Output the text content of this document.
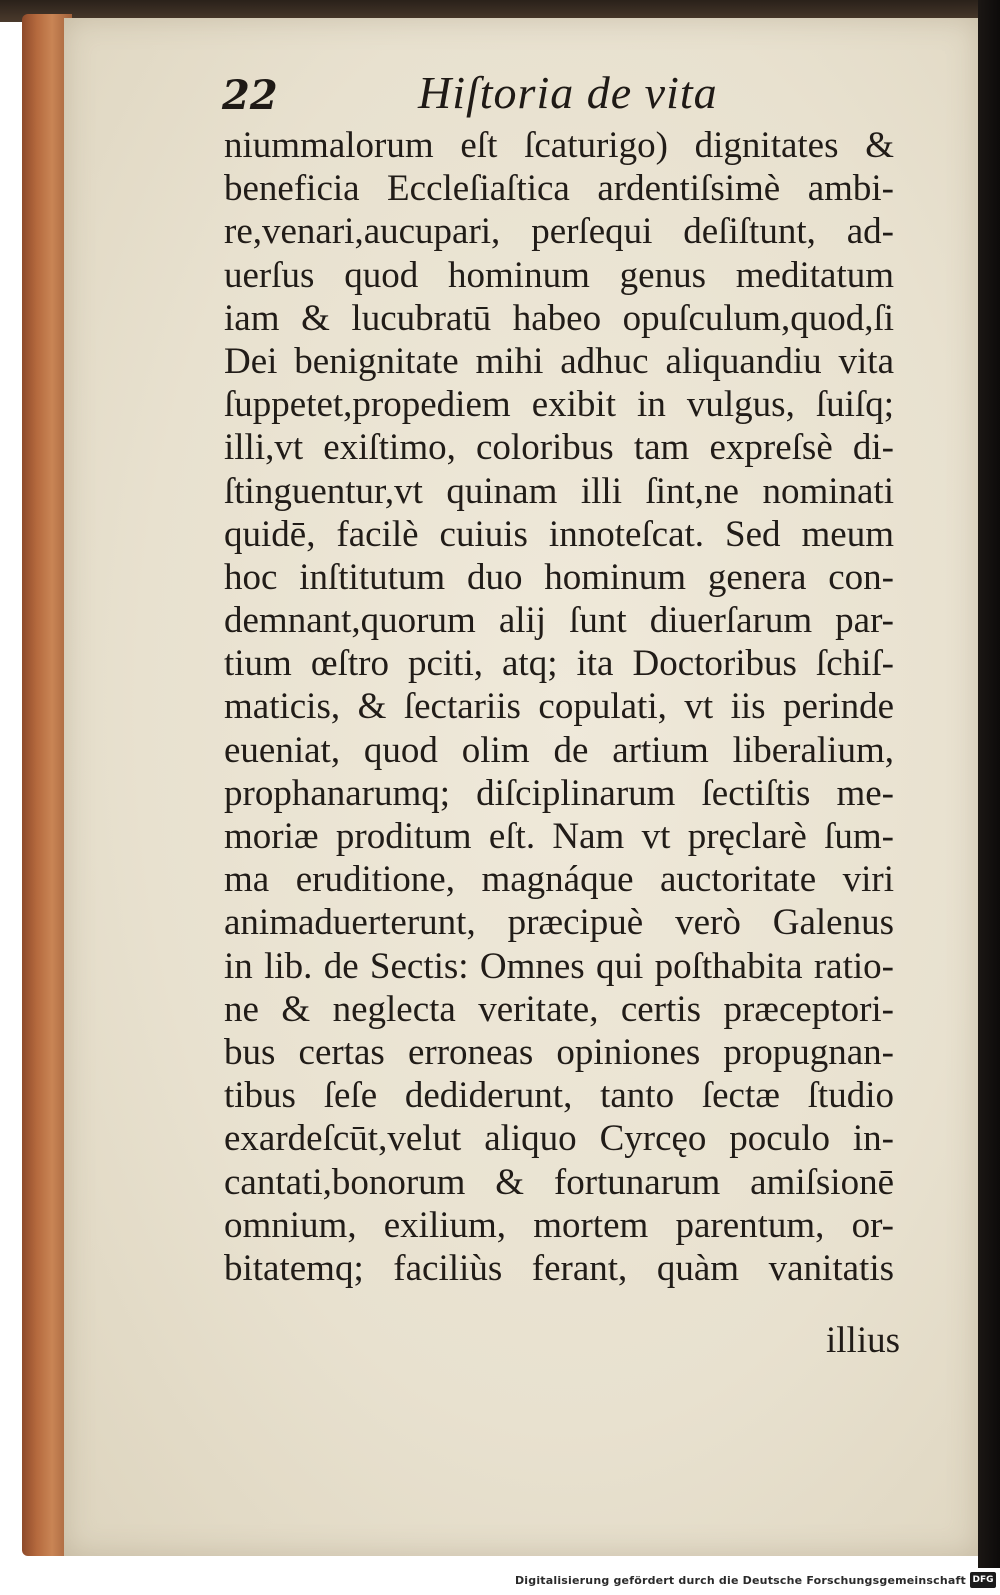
22	Hiſtoria de vita
niummalorum eſt ſcaturigo) dignitates &
beneficia Eccleſiaſtica ardentiſsimè ambi-
re,venari,aucupari, perſequi deſiſtunt, ad-
uerſus quod hominum genus meditatum
iam & lucubratū habeo opuſculum,quod,ſi
Dei benignitate mihi adhuc aliquandiu vita
ſuppetet,propediem exibit in vulgus, ſuiſq;
illi,vt exiſtimo, coloribus tam expreſsè di-
ſtinguentur,vt quinam illi ſint,ne nominati
quidē, facilè cuiuis innoteſcat. Sed meum
hoc inſtitutum duo hominum genera con-
demnant,quorum alij ſunt diuerſarum par-
tium œſtro pciti, atq; ita Doctoribus ſchiſ-
maticis, & ſectariis copulati, vt iis perinde
eueniat, quod olim de artium liberalium,
prophanarumq; diſciplinarum ſectiſtis me-
moriæ proditum eſt. Nam vt pręclarè ſum-
ma eruditione, magnáque auctoritate viri
animaduerterunt, præcipuè verò Galenus
in lib. de Sectis: Omnes qui poſthabita ratio-
ne & neglecta veritate, certis præceptori-
bus certas erroneas opiniones propugnan-
tibus ſeſe dediderunt, tanto ſectæ ſtudio
exardeſcūt,velut aliquo Cyrcęo poculo in-
cantati,bonorum & fortunarum amiſsionē
omnium, exilium, mortem parentum, or-
bitatemq; faciliùs ferant, quàm vanitatis
illius
Digitalisierung gefördert durch die Deutsche Forschungsgemeinschaft DFG
